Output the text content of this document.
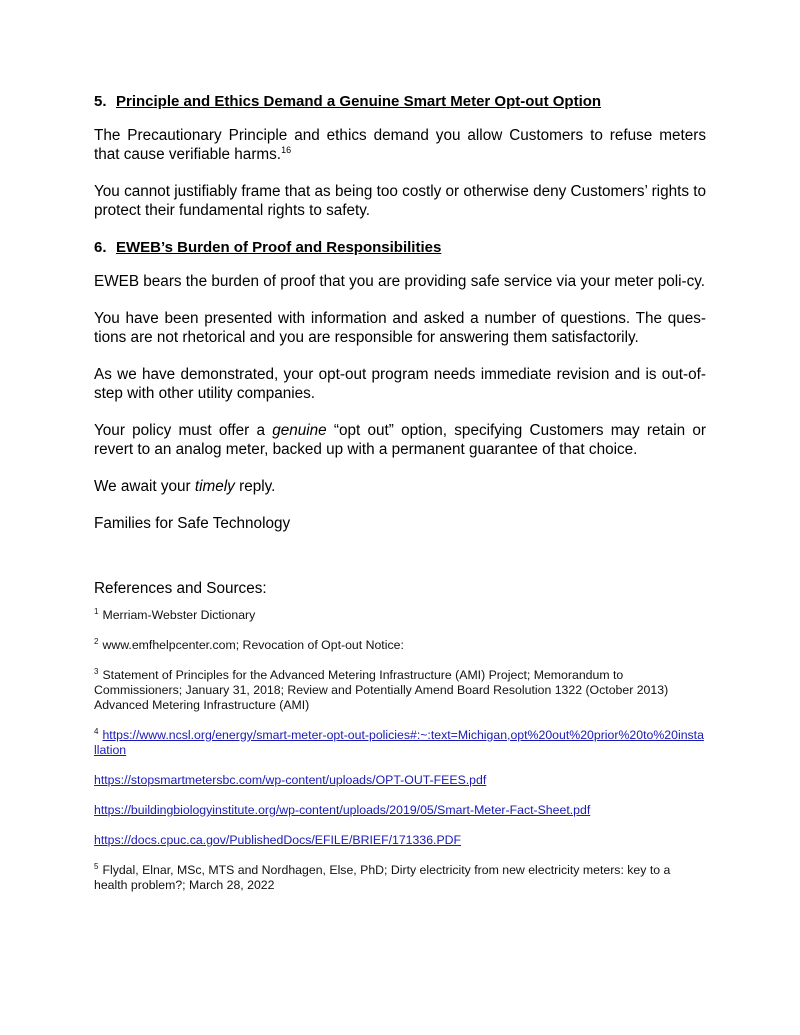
5. Principle and Ethics Demand a Genuine Smart Meter Opt-out Option

The Precautionary Principle and ethics demand you allow Customers to refuse meters that cause verifiable harms.$^{16}$

You cannot justifiably frame that as being too costly or otherwise deny Customers’ rights to protect their fundamental rights to safety.

6. EWEB’s Burden of Proof and Responsibilities

EWEB bears the burden of proof that you are providing safe service via your meter poli-cy.

You have been presented with information and asked a number of questions. The ques-tions are not rhetorical and you are responsible for answering them satisfactorily.

As we have demonstrated, your opt-out program needs immediate revision and is out-of-step with other utility companies.

Your policy must offer a genuine “opt out” option, specifying Customers may retain or revert to an analog meter, backed up with a permanent guarantee of that choice.

We await your timely reply.

Families for Safe Technology

References and Sources:

$^1$ Merriam-Webster Dictionary

$^2$ www.emfhelpcenter.com; Revocation of Opt-out Notice:

$^3$ Statement of Principles for the Advanced Metering Infrastructure (AMI) Project; Memorandum to Commissioners; January 31, 2018; Review and Potentially Amend Board Resolution 1322 (October 2013) Advanced Metering Infrastructure (AMI)

$^4$ https://www.ncsl.org/energy/smart-meter-opt-out-policies#:~:text=Michigan,opt%20out%20prior%20to%20installation

https://stopsmartmetersbc.com/wp-content/uploads/OPT-OUT-FEES.pdf

https://buildingbiologyinstitute.org/wp-content/uploads/2019/05/Smart-Meter-Fact-Sheet.pdf

https://docs.cpuc.ca.gov/PublishedDocs/EFILE/BRIEF/171336.PDF

$^5$ Flydal, Elnar, MSc, MTS and Nordhagen, Else, PhD; Dirty electricity from new electricity meters: key to a health problem?; March 28, 2022
